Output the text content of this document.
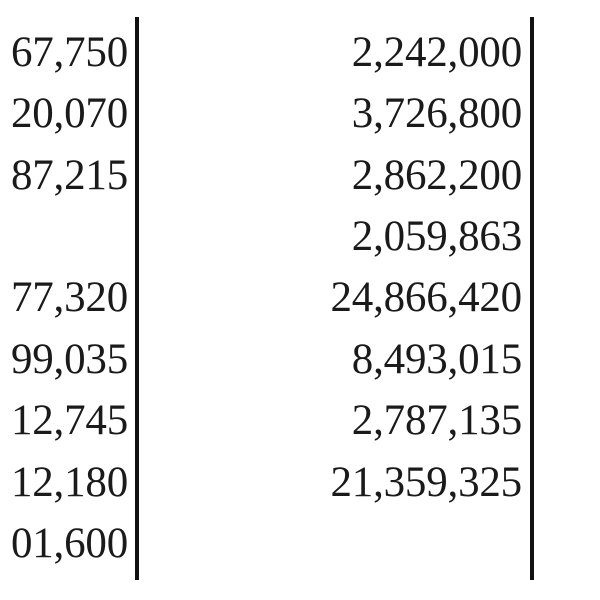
67,750
20,070
87,215
77,320
99,035
12,745
12,180
01,600
2,242,000
3,726,800
2,862,200
2,059,863
24,866,420
8,493,015
2,787,135
21,359,325
